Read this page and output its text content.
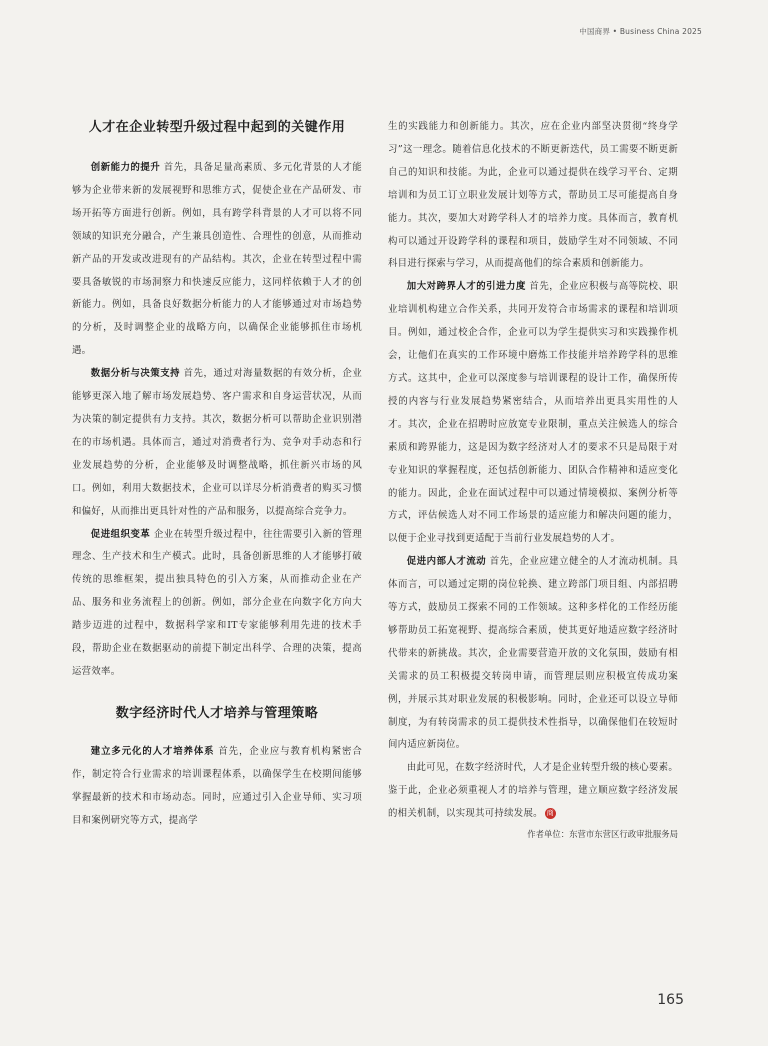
中国商界 • Business China 2025
人才在企业转型升级过程中起到的关键作用

创新能力的提升 首先，具备足量高素质、多元化背景的人才能够为企业带来新的发展视野和思维方式，促使企业在产品研发、市场开拓等方面进行创新。例如，具有跨学科背景的人才可以将不同领域的知识充分融合，产生兼具创造性、合理性的创意，从而推动新产品的开发或改进现有的产品结构。其次，企业在转型过程中需要具备敏锐的市场洞察力和快速反应能力，这同样依赖于人才的创新能力。例如，具备良好数据分析能力的人才能够通过对市场趋势的分析，及时调整企业的战略方向，以确保企业能够抓住市场机遇。

数据分析与决策支持 首先，通过对海量数据的有效分析，企业能够更深入地了解市场发展趋势、客户需求和自身运营状况，从而为决策的制定提供有力支持。其次，数据分析可以帮助企业识别潜在的市场机遇。具体而言，通过对消费者行为、竞争对手动态和行业发展趋势的分析，企业能够及时调整战略，抓住新兴市场的风口。例如，利用大数据技术，企业可以详尽分析消费者的购买习惯和偏好，从而推出更具针对性的产品和服务，以提高综合竞争力。

促进组织变革 企业在转型升级过程中，往往需要引入新的管理理念、生产技术和生产模式。此时，具备创新思维的人才能够打破传统的思维框架，提出独具特色的引入方案，从而推动企业在产品、服务和业务流程上的创新。例如，部分企业在向数字化方向大踏步迈进的过程中，数据科学家和IT专家能够利用先进的技术手段，帮助企业在数据驱动的前提下制定出科学、合理的决策，提高运营效率。

数字经济时代人才培养与管理策略

建立多元化的人才培养体系 首先，企业应与教育机构紧密合作，制定符合行业需求的培训课程体系，以确保学生在校期间能够掌握最新的技术和市场动态。同时，应通过引入企业导师、实习项目和案例研究等方式，提高学

生的实践能力和创新能力。其次，应在企业内部坚决贯彻“终身学习”这一理念。随着信息化技术的不断更新迭代，员工需要不断更新自己的知识和技能。为此，企业可以通过提供在线学习平台、定期培训和为员工订立职业发展计划等方式，帮助员工尽可能提高自身能力。其次，要加大对跨学科人才的培养力度。具体而言，教育机构可以通过开设跨学科的课程和项目，鼓励学生对不同领域、不同科目进行探索与学习，从而提高他们的综合素质和创新能力。

加大对跨界人才的引进力度 首先，企业应积极与高等院校、职业培训机构建立合作关系，共同开发符合市场需求的课程和培训项目。例如，通过校企合作，企业可以为学生提供实习和实践操作机会，让他们在真实的工作环境中磨炼工作技能并培养跨学科的思维方式。这其中，企业可以深度参与培训课程的设计工作，确保所传授的内容与行业发展趋势紧密结合，从而培养出更具实用性的人才。其次，企业在招聘时应放宽专业限制，重点关注候选人的综合素质和跨界能力，这是因为数字经济对人才的要求不只是局限于对专业知识的掌握程度，还包括创新能力、团队合作精神和适应变化的能力。因此，企业在面试过程中可以通过情境模拟、案例分析等方式，评估候选人对不同工作场景的适应能力和解决问题的能力，以便于企业寻找到更适配于当前行业发展趋势的人才。

促进内部人才流动 首先，企业应建立健全的人才流动机制。具体而言，可以通过定期的岗位轮换、建立跨部门项目组、内部招聘等方式，鼓励员工探索不同的工作领域。这种多样化的工作经历能够帮助员工拓宽视野、提高综合素质，使其更好地适应数字经济时代带来的新挑战。其次，企业需要营造开放的文化氛围，鼓励有相关需求的员工积极提交转岗申请，而管理层则应积极宣传成功案例，并展示其对职业发展的积极影响。同时，企业还可以设立导师制度，为有转岗需求的员工提供技术性指导，以确保他们在较短时间内适应新岗位。

由此可见，在数字经济时代，人才是企业转型升级的核心要素。鉴于此，企业必须重视人才的培养与管理，建立顺应数字经济发展的相关机制，以实现其可持续发展。 商

作者单位：东营市东营区行政审批服务局
165
